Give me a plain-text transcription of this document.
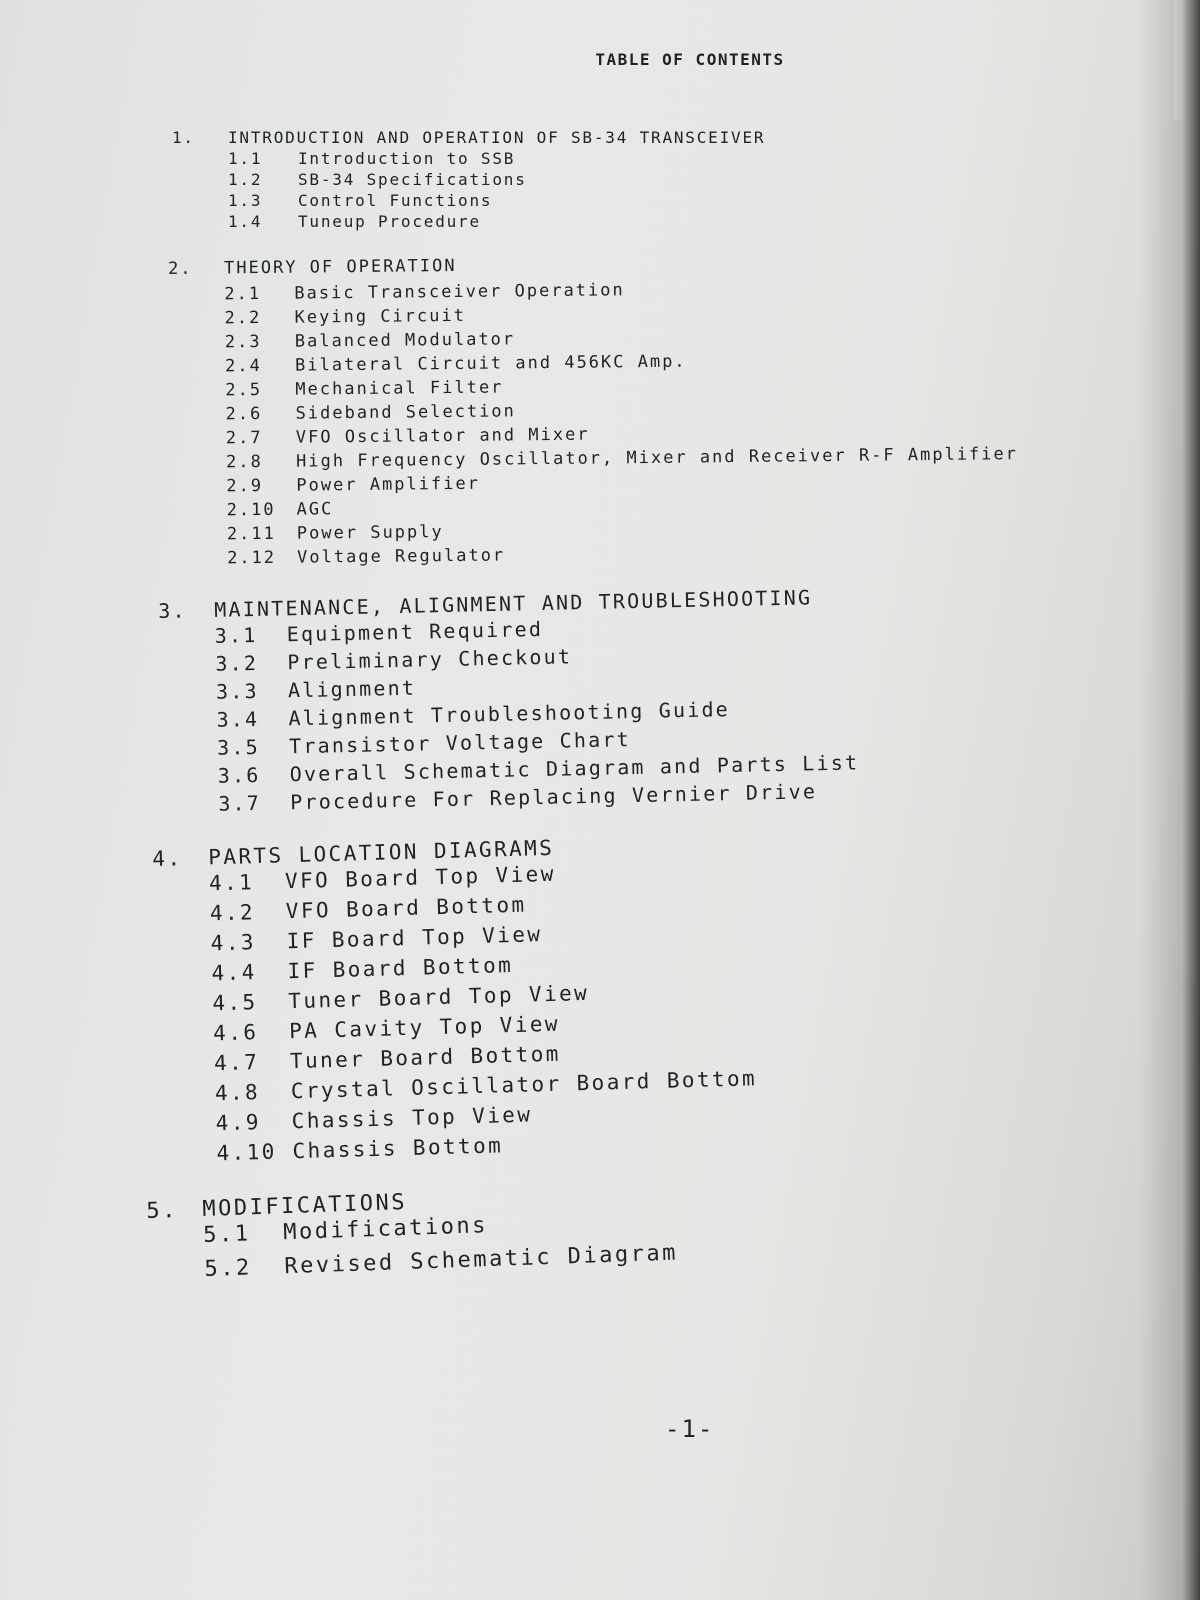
TABLE OF CONTENTS
1.	INTRODUCTION AND OPERATION OF SB-34 TRANSCEIVER
1.1	Introduction to SSB
1.2	SB-34 Specifications
1.3	Control Functions
1.4	Tuneup Procedure
2.	THEORY OF OPERATION
2.1	Basic Transceiver Operation
2.2	Keying Circuit
2.3	Balanced Modulator
2.4	Bilateral Circuit and 456KC Amp.
2.5	Mechanical Filter
2.6	Sideband Selection
2.7	VFO Oscillator and Mixer
2.8	High Frequency Oscillator, Mixer and Receiver R-F Amplifier
2.9	Power Amplifier
2.10	AGC
2.11	Power Supply
2.12	Voltage Regulator
3.	MAINTENANCE, ALIGNMENT AND TROUBLESHOOTING
3.1	Equipment Required
3.2	Preliminary Checkout
3.3	Alignment
3.4	Alignment Troubleshooting Guide
3.5	Transistor Voltage Chart
3.6	Overall Schematic Diagram and Parts List
3.7	Procedure For Replacing Vernier Drive
4.	PARTS LOCATION DIAGRAMS
4.1	VFO Board Top View
4.2	VFO Board Bottom
4.3	IF Board Top View
4.4	IF Board Bottom
4.5	Tuner Board Top View
4.6	PA Cavity Top View
4.7	Tuner Board Bottom
4.8	Crystal Oscillator Board Bottom
4.9	Chassis Top View
4.10 Chassis Bottom
5.	MODIFICATIONS
5.1	Modifications
5.2	Revised Schematic Diagram
-1-
